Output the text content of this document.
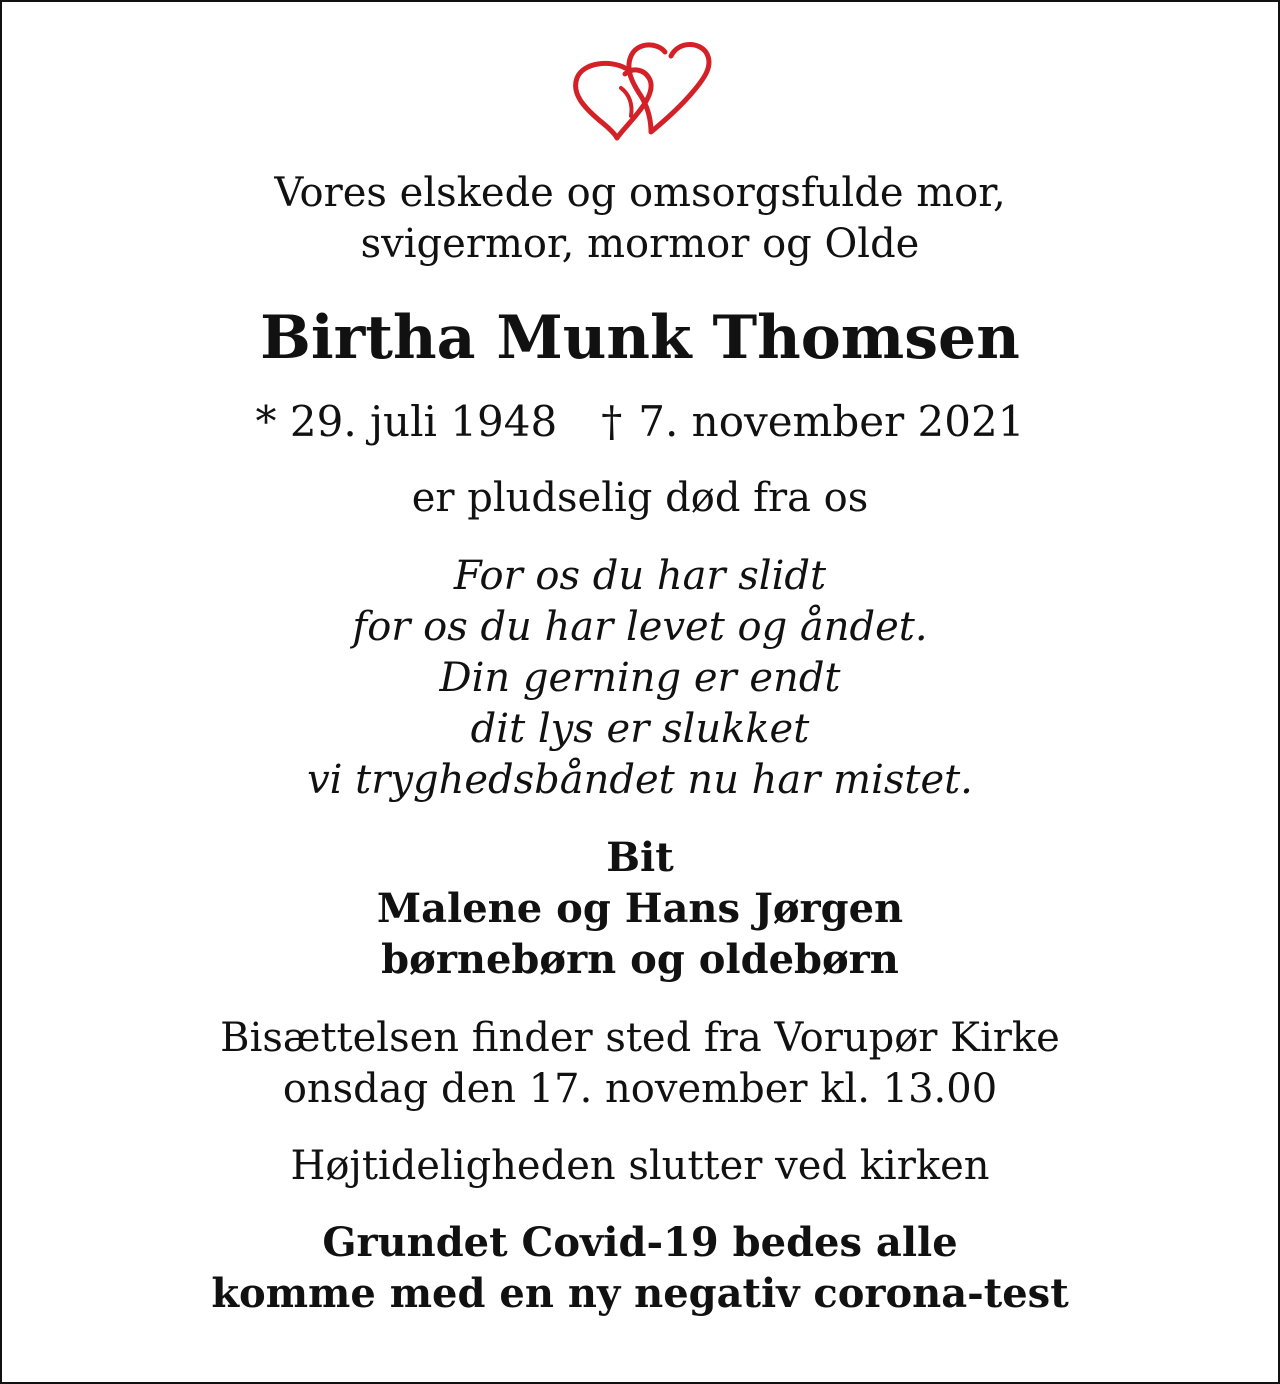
Vores elskede og omsorgsfulde mor,
svigermor, mormor og Olde
Birtha Munk Thomsen
* 29. juli 1948 † 7. november 2021
er pludselig død fra os
For os du har slidt
for os du har levet og åndet.
Din gerning er endt
dit lys er slukket
vi tryghedsbåndet nu har mistet.
Bit
Malene og Hans Jørgen
børnebørn og oldebørn
Bisættelsen finder sted fra Vorupør Kirke
onsdag den 17. november kl. 13.00
Højtideligheden slutter ved kirken
Grundet Covid-19 bedes alle
komme med en ny negativ corona-test
